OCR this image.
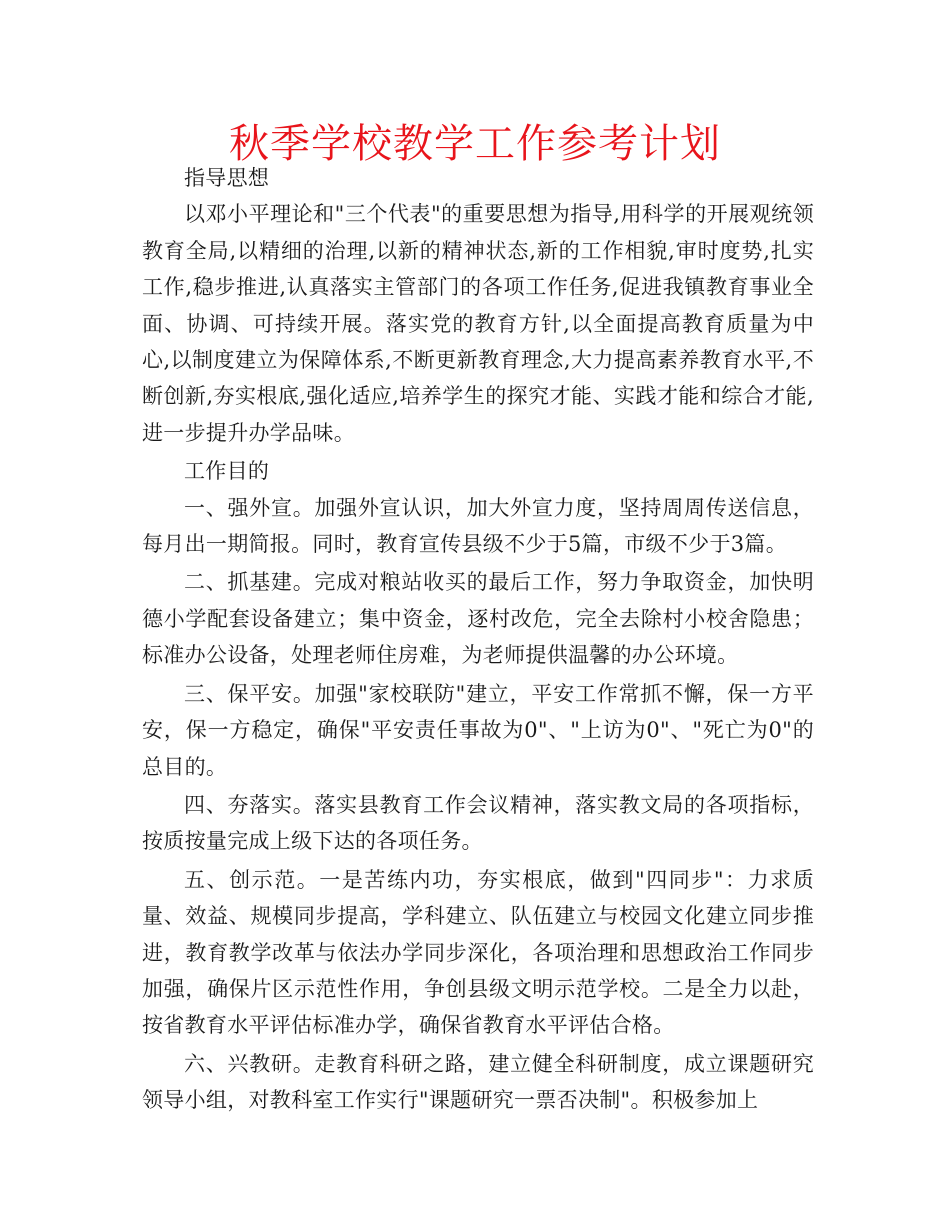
秋季学校教学工作参考计划

指导思想

以邓小平理论和"三个代表"的重要思想为指导,用科学的开展观统领教育全局,以精细的治理,以新的精神状态,新的工作相貌,审时度势,扎实工作,稳步推进,认真落实主管部门的各项工作任务,促进我镇教育事业全面、协调、可持续开展。落实党的教育方针,以全面提高教育质量为中心,以制度建立为保障体系,不断更新教育理念,大力提高素养教育水平,不断创新,夯实根底,强化适应,培养学生的探究才能、实践才能和综合才能,进一步提升办学品味。

工作目的

一、强外宣。加强外宣认识，加大外宣力度，坚持周周传送信息，每月出一期简报。同时，教育宣传县级不少于5篇，市级不少于3篇。

二、抓基建。完成对粮站收买的最后工作，努力争取资金，加快明德小学配套设备建立；集中资金，逐村改危，完全去除村小校舍隐患；标准办公设备，处理老师住房难，为老师提供温馨的办公环境。

三、保平安。加强"家校联防"建立，平安工作常抓不懈，保一方平安，保一方稳定，确保"平安责任事故为0"、"上访为0"、"死亡为0"的总目的。

四、夯落实。落实县教育工作会议精神，落实教文局的各项指标，按质按量完成上级下达的各项任务。

五、创示范。一是苦练内功，夯实根底，做到"四同步"：力求质量、效益、规模同步提高，学科建立、队伍建立与校园文化建立同步推进，教育教学改革与依法办学同步深化，各项治理和思想政治工作同步加强，确保片区示范性作用，争创县级文明示范学校。二是全力以赴，按省教育水平评估标准办学，确保省教育水平评估合格。

六、兴教研。走教育科研之路，建立健全科研制度，成立课题研究领导小组，对教科室工作实行"课题研究一票否决制"。积极参加上
